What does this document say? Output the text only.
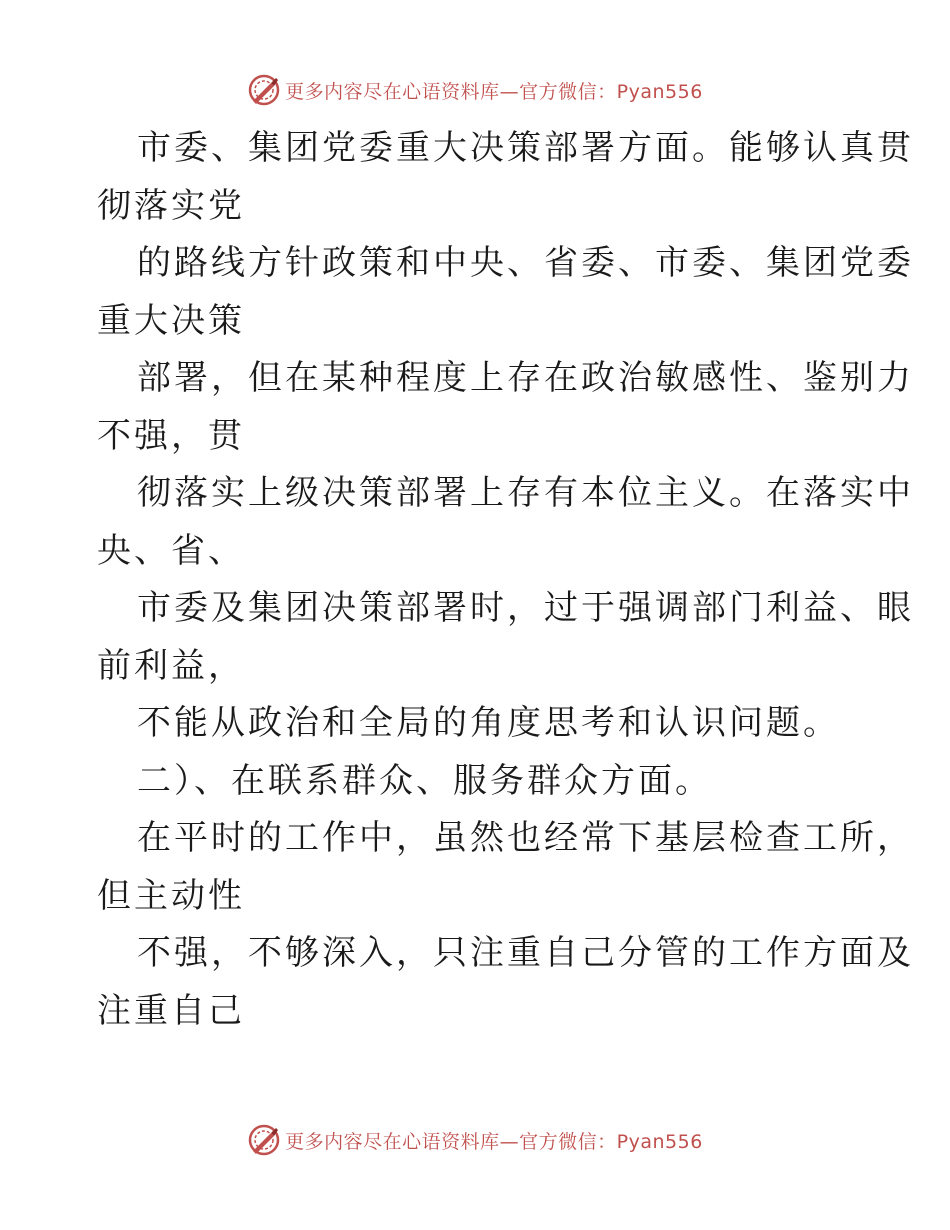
更多内容尽在心语资料库—官方微信：Pyan556
市委、集团党委重大决策部署方面。能够认真贯
彻落实党
的路线方针政策和中央、省委、市委、集团党委
重大决策
部署，但在某种程度上存在政治敏感性、鉴别力
不强，贯
彻落实上级决策部署上存有本位主义。在落实中
央、省、
市委及集团决策部署时，过于强调部门利益、眼
前利益，
不能从政治和全局的角度思考和认识问题。
二）、在联系群众、服务群众方面。
在平时的工作中，虽然也经常下基层检查工所，
但主动性
不强，不够深入，只注重自己分管的工作方面及
注重自己
更多内容尽在心语资料库—官方微信：Pyan556
